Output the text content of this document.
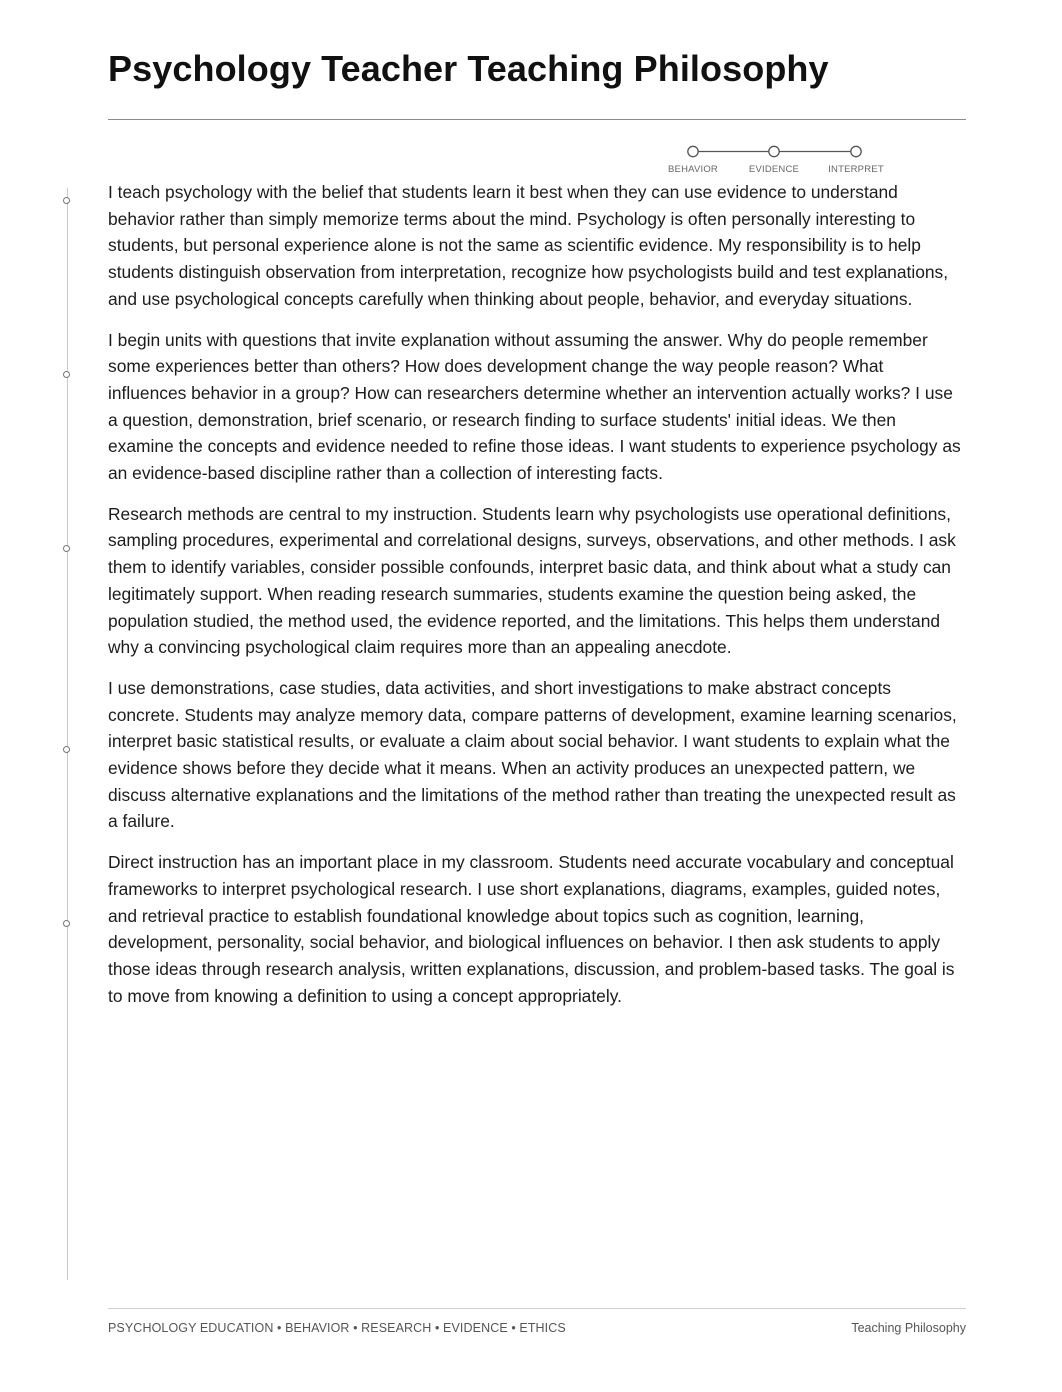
Psychology Teacher Teaching Philosophy
BEHAVIOR	EVIDENCE	INTERPRET

I teach psychology with the belief that students learn it best when they can use evidence to understand behavior rather than simply memorize terms about the mind. Psychology is often personally interesting to students, but personal experience alone is not the same as scientific evidence. My responsibility is to help students distinguish observation from interpretation, recognize how psychologists build and test explanations, and use psychological concepts carefully when thinking about people, behavior, and everyday situations.

I begin units with questions that invite explanation without assuming the answer. Why do people remember some experiences better than others? How does development change the way people reason? What influences behavior in a group? How can researchers determine whether an intervention actually works? I use a question, demonstration, brief scenario, or research finding to surface students' initial ideas. We then examine the concepts and evidence needed to refine those ideas. I want students to experience psychology as an evidence-based discipline rather than a collection of interesting facts.

Research methods are central to my instruction. Students learn why psychologists use operational definitions, sampling procedures, experimental and correlational designs, surveys, observations, and other methods. I ask them to identify variables, consider possible confounds, interpret basic data, and think about what a study can legitimately support. When reading research summaries, students examine the question being asked, the population studied, the method used, the evidence reported, and the limitations. This helps them understand why a convincing psychological claim requires more than an appealing anecdote.

I use demonstrations, case studies, data activities, and short investigations to make abstract concepts concrete. Students may analyze memory data, compare patterns of development, examine learning scenarios, interpret basic statistical results, or evaluate a claim about social behavior. I want students to explain what the evidence shows before they decide what it means. When an activity produces an unexpected pattern, we discuss alternative explanations and the limitations of the method rather than treating the unexpected result as a failure.

Direct instruction has an important place in my classroom. Students need accurate vocabulary and conceptual frameworks to interpret psychological research. I use short explanations, diagrams, examples, guided notes, and retrieval practice to establish foundational knowledge about topics such as cognition, learning, development, personality, social behavior, and biological influences on behavior. I then ask students to apply those ideas through research analysis, written explanations, discussion, and problem-based tasks. The goal is to move from knowing a definition to using a concept appropriately.

PSYCHOLOGY EDUCATION • BEHAVIOR • RESEARCH • EVIDENCE • ETHICS	Teaching Philosophy
